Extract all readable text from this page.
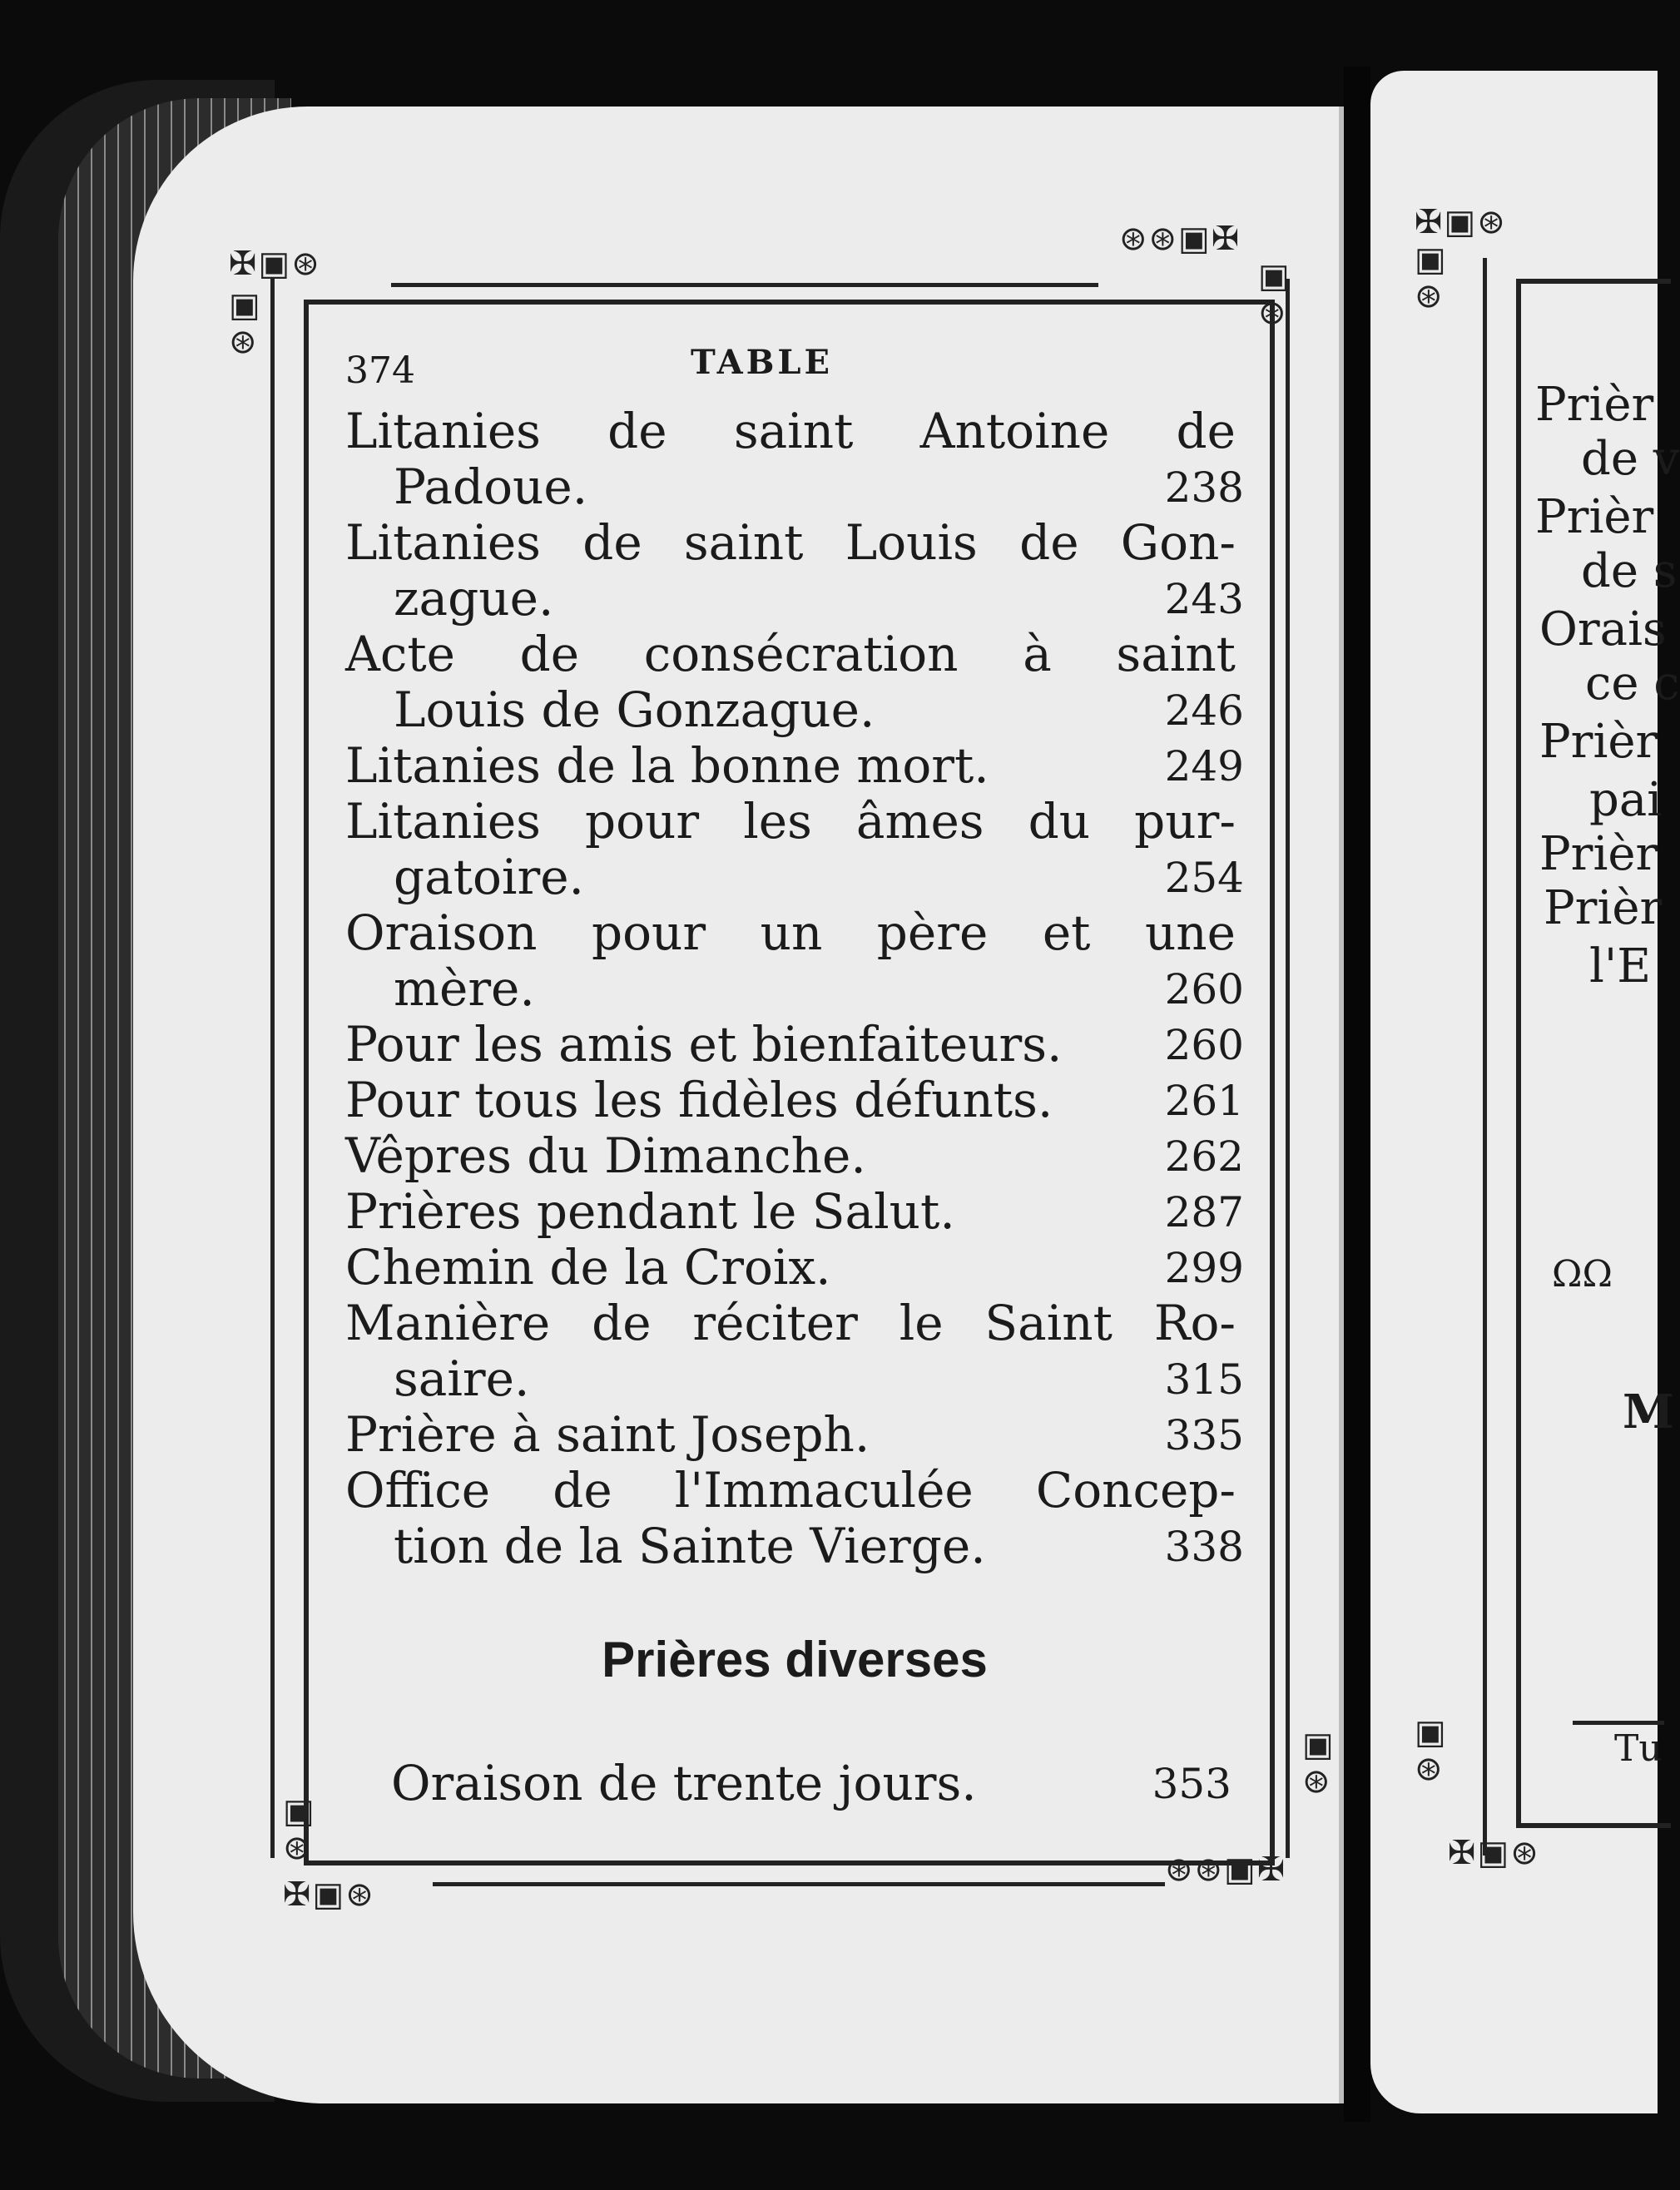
✠▣⊛
▣
⊛
⊛⊛▣✠
▣
⊛
▣
⊛
✠▣⊛
▣
⊛
⊛⊛▣✠
374	TABLE
Litanies de saint Antoine de
Padoue.	238
Litanies de saint Louis de Gon-
zague.	243
Acte de consécration à saint
Louis de Gonzague.	246
Litanies de la bonne mort.	249
Litanies pour les âmes du pur-
gatoire.	254
Oraison pour un père et une
mère.	260
Pour les amis et bienfaiteurs.	260
Pour tous les fidèles défunts.	261
Vêpres du Dimanche.	262
Prières pendant le Salut.	287
Chemin de la Croix.	299
Manière de réciter le Saint Ro-
saire.	315
Prière à saint Joseph.	335
Office de l'Immaculée Concep-
tion de la Sainte Vierge.	338
Prières diverses
Oraison de trente jours.	353
✠▣⊛
▣
⊛
▣
⊛
✠▣⊛
Prièr
de v
Prièr
de s
Orais
ce c
Prièr
pai
Prièr
Prièr
l'E
ΩΩ
M
Tu
